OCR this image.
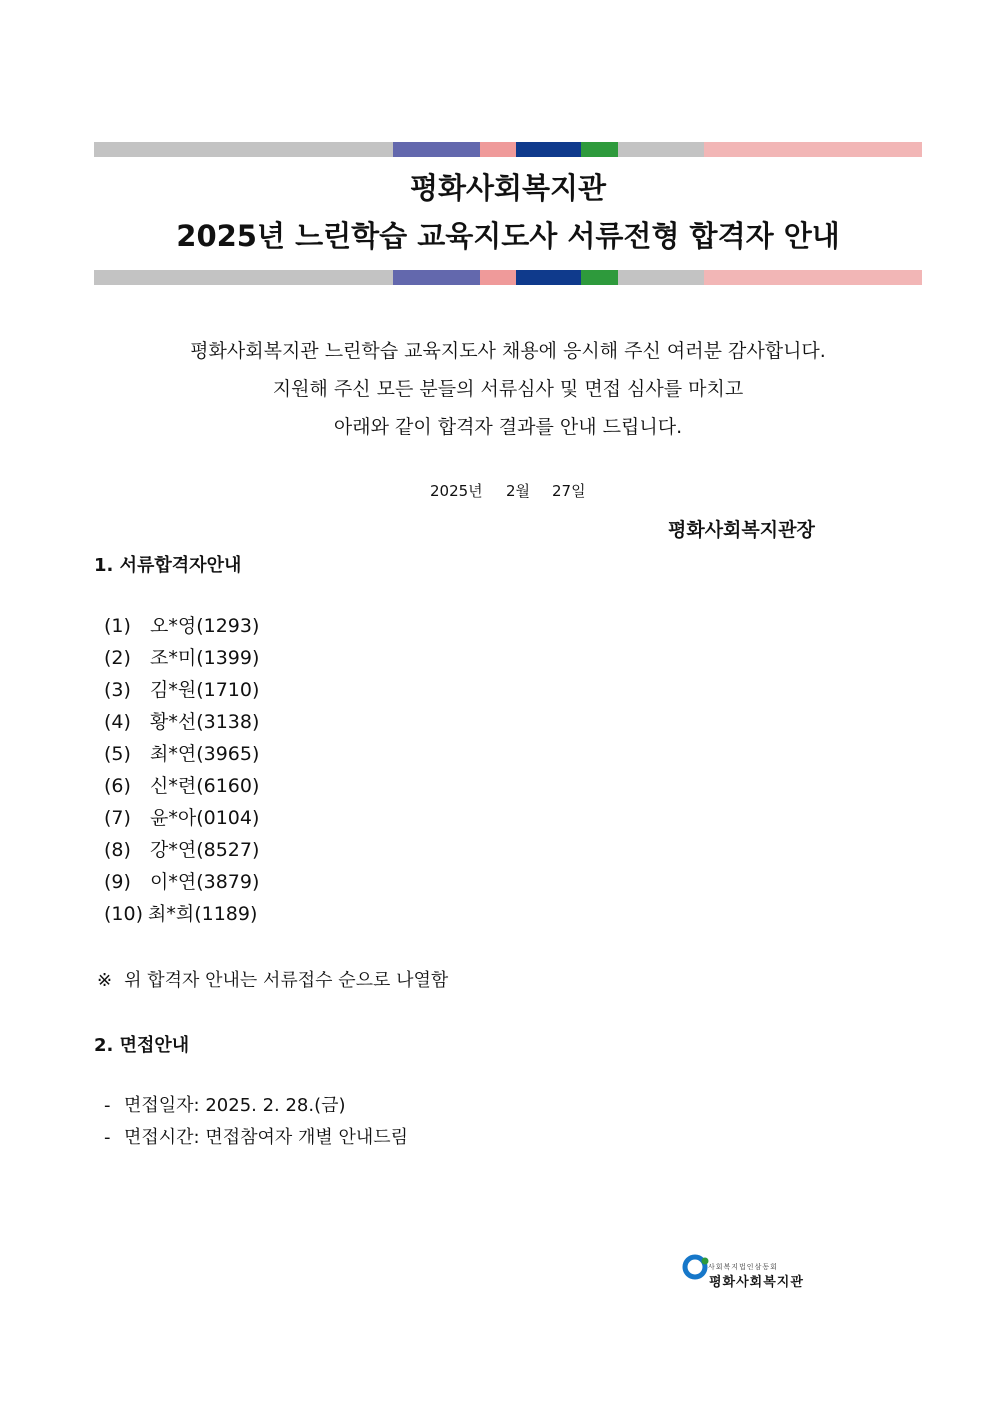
평화사회복지관
2025년 느린학습 교육지도사 서류전형 합격자 안내
평화사회복지관 느린학습 교육지도사 채용에 응시해 주신 여러분 감사합니다.
지원해 주신 모든 분들의 서류심사 및 면접 심사를 마치고
아래와 같이 합격자 결과를 안내 드립니다.
2025년 2월 27일
평화사회복지관장
1. 서류합격자안내
(1) 오*영(1293)
(2) 조*미(1399)
(3) 김*원(1710)
(4) 황*선(3138)
(5) 최*연(3965)
(6) 신*련(6160)
(7) 윤*아(0104)
(8) 강*연(8527)
(9) 이*연(3879)
(10) 최*희(1189)
※ 위 합격자 안내는 서류접수 순으로 나열함
2. 면접안내
- 면접일자: 2025. 2. 28.(금)
- 면접시간: 면접참여자 개별 안내드림
사회복지법인삼동회
평화사회복지관
